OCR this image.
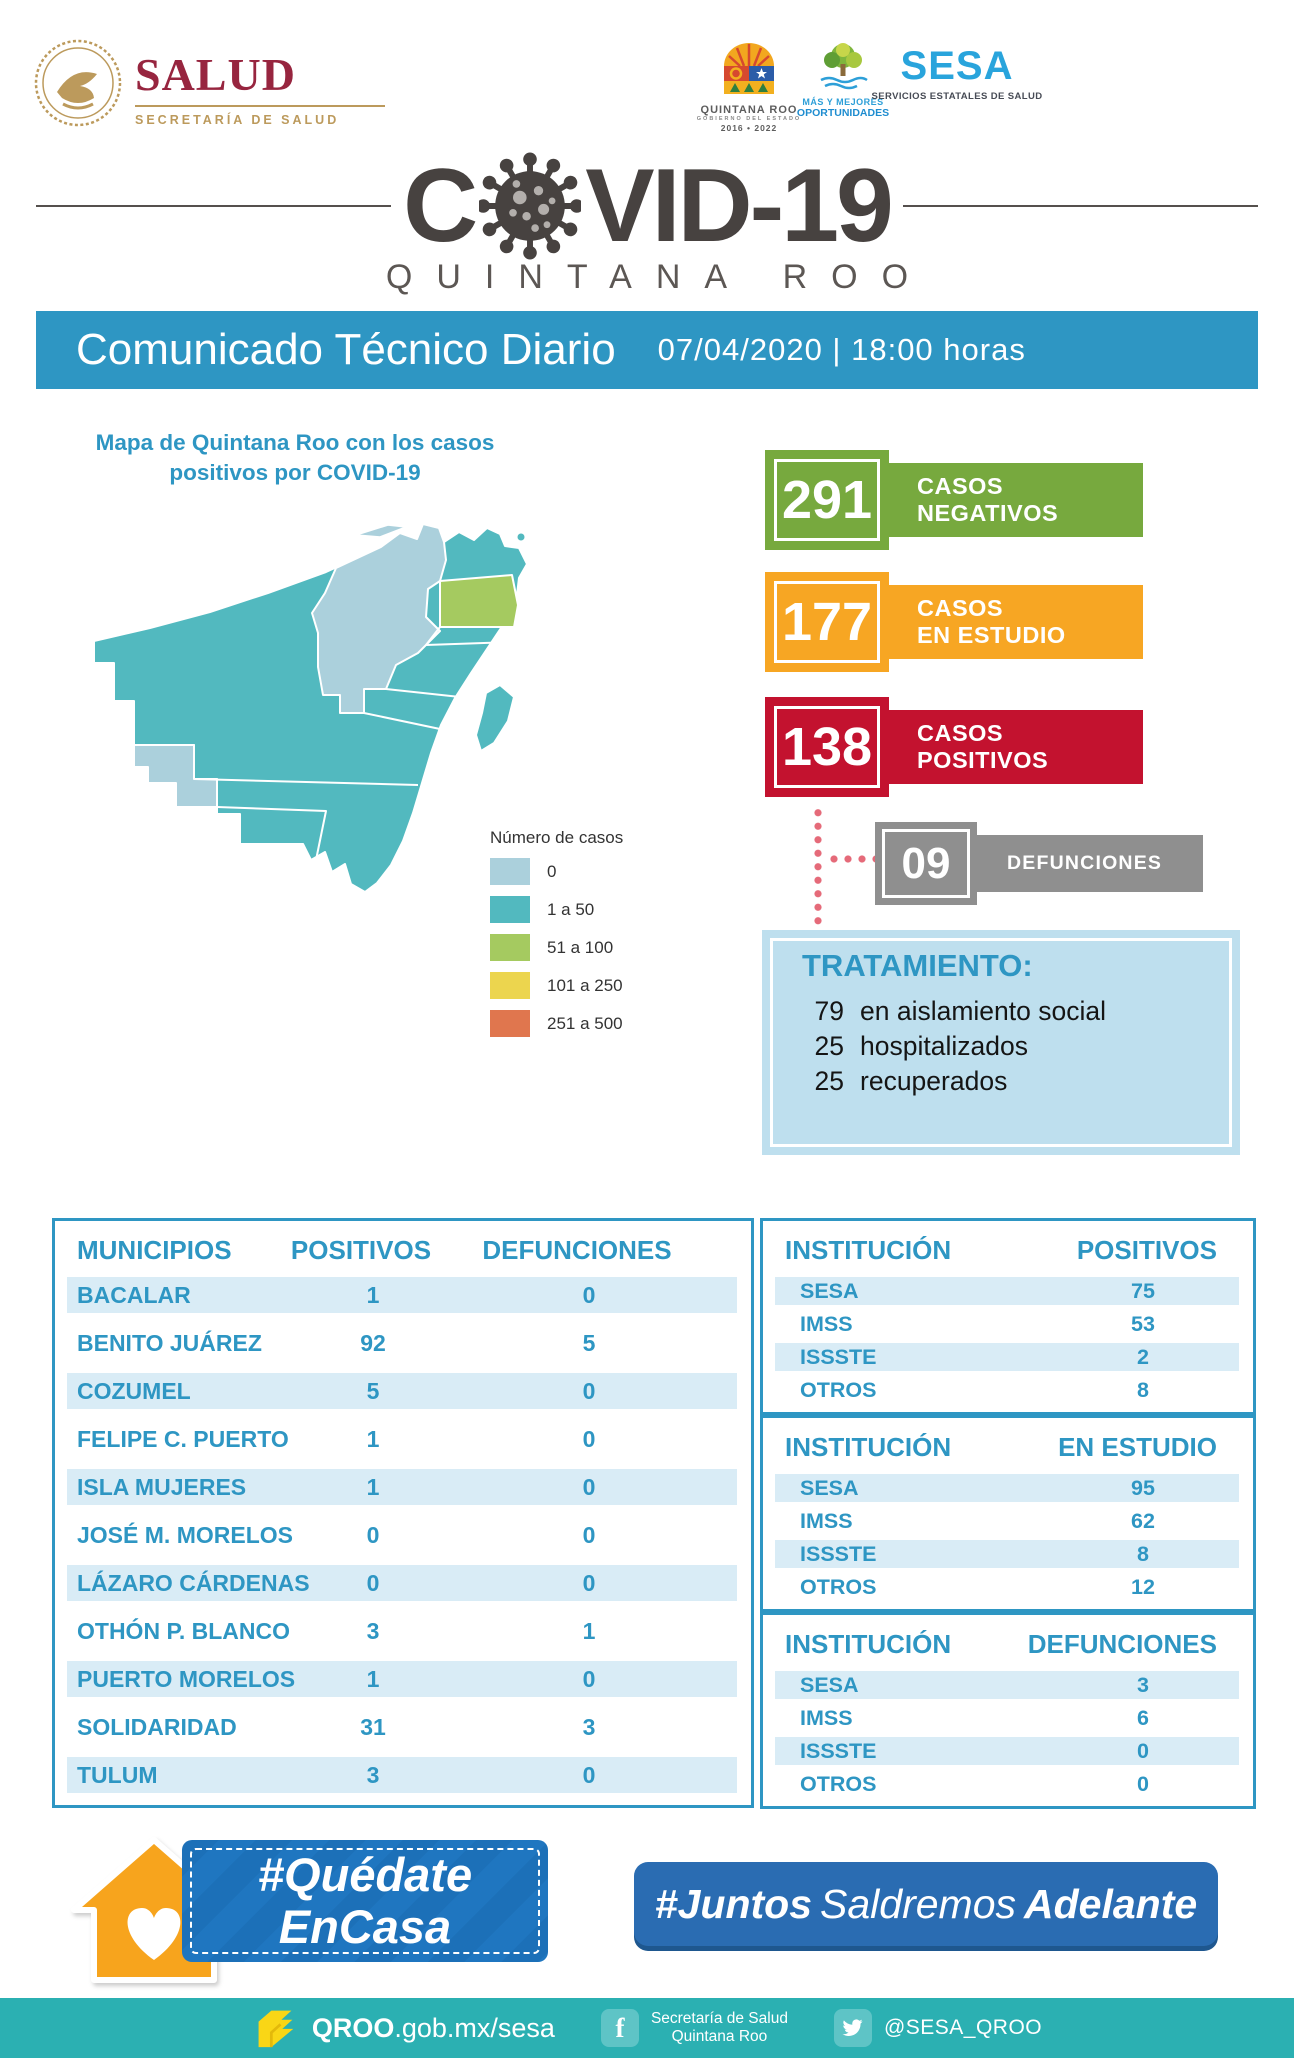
SALUD
SECRETARÍA DE SALUD
QUINTANA ROO
GOBIERNO DEL ESTADO
2016 • 2022
MÁS Y MEJORES
OPORTUNIDADES
SESA
SERVICIOS ESTATALES DE SALUD
C VID-19
QUINTANA ROO
Comunicado Técnico Diario 07/04/2020 | 18:00 horas
Mapa de Quintana Roo con los casos
positivos por COVID-19
Número de casos
0
1 a 50
51 a 100
101 a 250
251 a 500
291 CASOS
NEGATIVOS
177 CASOS
EN ESTUDIO
138 CASOS
POSITIVOS
09	DEFUNCIONES
TRATAMIENTO:
79 en aislamiento social
25 hospitalizados
25 recuperados
MUNICIPIOS	POSITIVOS	DEFUNCIONES
BACALAR	1	0
BENITO JUÁREZ	92	5
COZUMEL	5	0
FELIPE C. PUERTO	1	0
ISLA MUJERES	1	0
JOSÉ M. MORELOS	0	0
LÁZARO CÁRDENAS	0	0
OTHÓN P. BLANCO	3	1
PUERTO MORELOS	1	0
SOLIDARIDAD	31	3
TULUM	3	0
INSTITUCIÓN	POSITIVOS
SESA	75
IMSS	53
ISSSTE	2
OTROS	8
INSTITUCIÓN	EN ESTUDIO
SESA	95
IMSS	62
ISSSTE	8
OTROS	12
INSTITUCIÓN	DEFUNCIONES
SESA	3
IMSS	6
ISSSTE	0
OTROS	0
#Quédate
EnCasa	#Juntos Saldremos Adelante
QROO.gob.mx/sesa	f	Secretaría de Salud
Quintana Roo	@SESA_QROO
